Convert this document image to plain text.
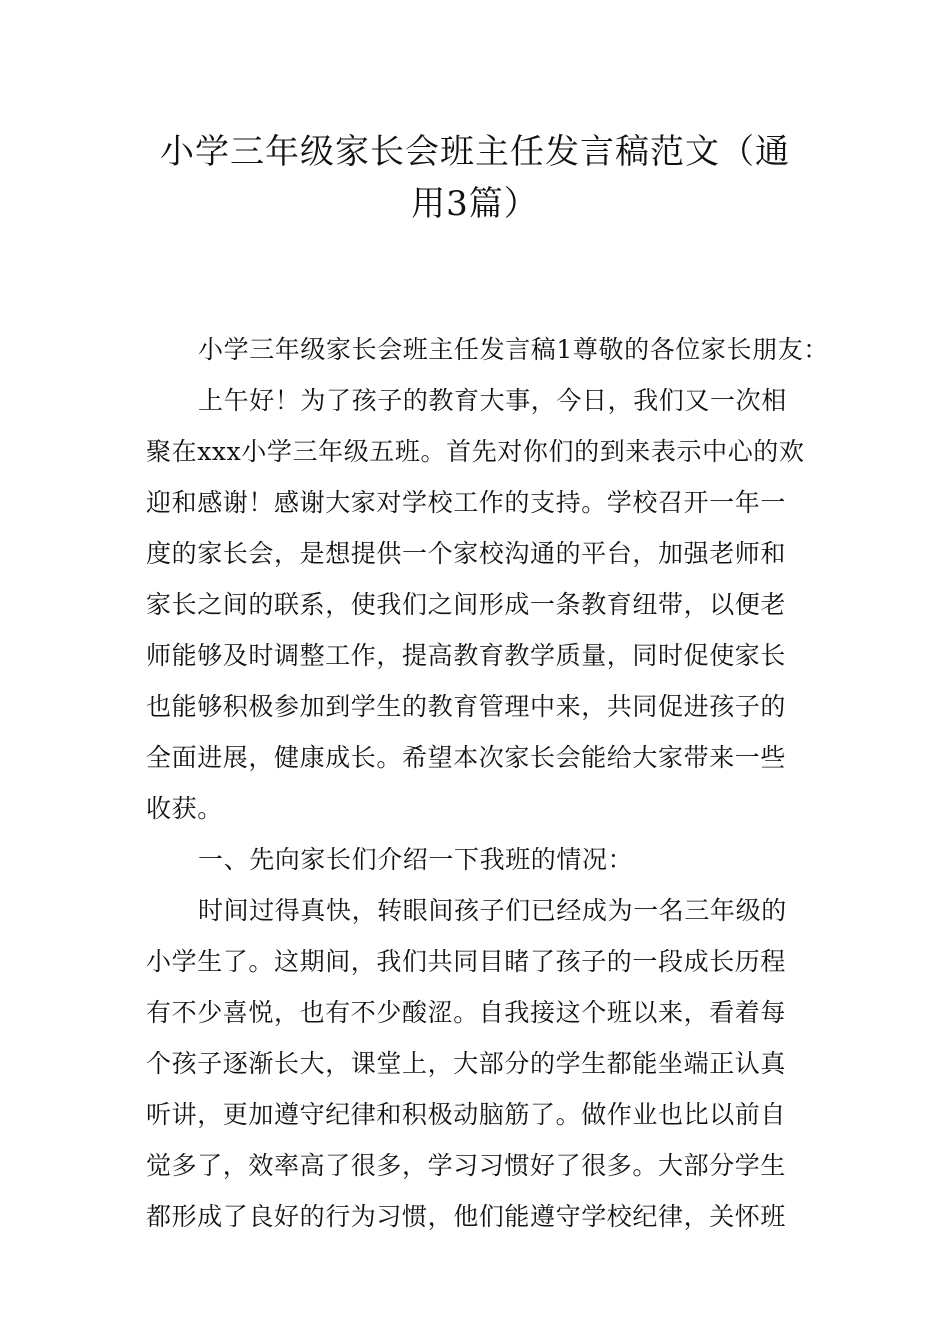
小学三年级家长会班主任发言稿范文（通
用3篇）
小学三年级家长会班主任发言稿1尊敬的各位家长朋友：
上午好！为了孩子的教育大事，今日，我们又一次相
聚在xxx小学三年级五班。首先对你们的到来表示中心的欢
迎和感谢！感谢大家对学校工作的支持。学校召开一年一
度的家长会，是想提供一个家校沟通的平台，加强老师和
家长之间的联系，使我们之间形成一条教育纽带，以便老
师能够及时调整工作，提高教育教学质量，同时促使家长
也能够积极参加到学生的教育管理中来，共同促进孩子的
全面进展，健康成长。希望本次家长会能给大家带来一些
收获。
一、先向家长们介绍一下我班的情况：
时间过得真快，转眼间孩子们已经成为一名三年级的
小学生了。这期间，我们共同目睹了孩子的一段成长历程
有不少喜悦，也有不少酸涩。自我接这个班以来，看着每
个孩子逐渐长大，课堂上，大部分的学生都能坐端正认真
听讲，更加遵守纪律和积极动脑筋了。做作业也比以前自
觉多了，效率高了很多，学习习惯好了很多。大部分学生
都形成了良好的行为习惯，他们能遵守学校纪律，关怀班
